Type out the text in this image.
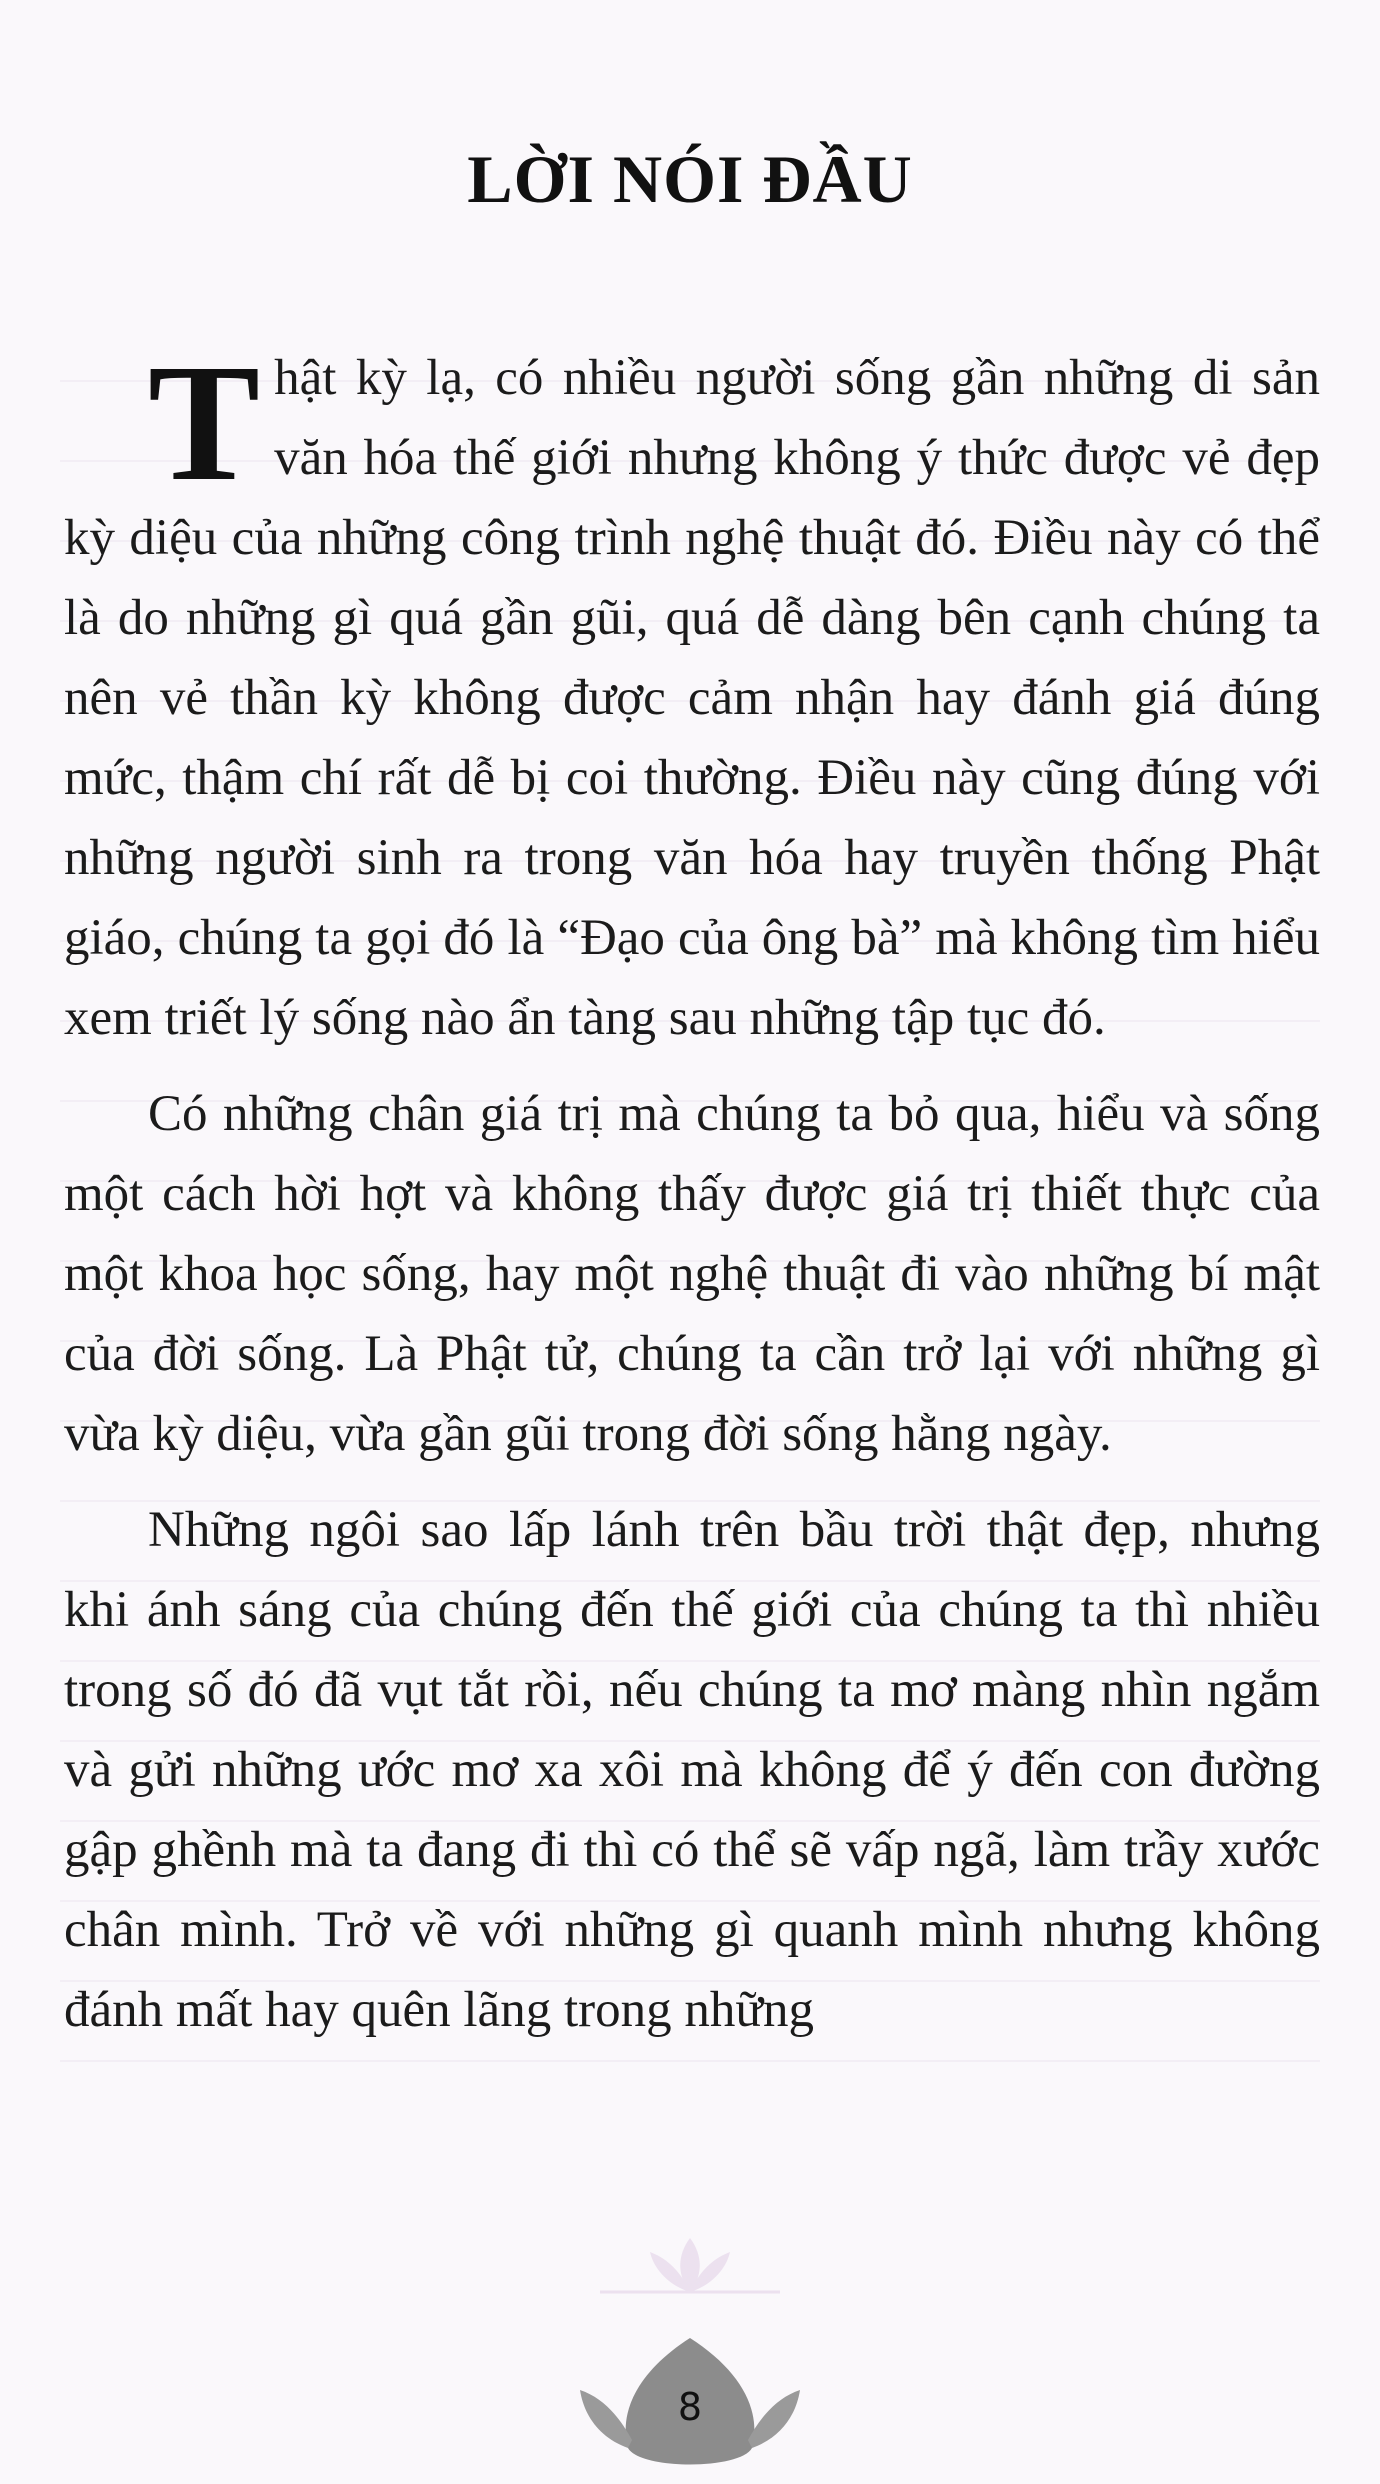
LỜI NÓI ĐẦU

Thật kỳ lạ, có nhiều người sống gần những di sản văn hóa thế giới nhưng không ý thức được vẻ đẹp kỳ diệu của những công trình nghệ thuật đó. Điều này có thể là do những gì quá gần gũi, quá dễ dàng bên cạnh chúng ta nên vẻ thần kỳ không được cảm nhận hay đánh giá đúng mức, thậm chí rất dễ bị coi thường. Điều này cũng đúng với những người sinh ra trong văn hóa hay truyền thống Phật giáo, chúng ta gọi đó là “Đạo của ông bà” mà không tìm hiểu xem triết lý sống nào ẩn tàng sau những tập tục đó.

Có những chân giá trị mà chúng ta bỏ qua, hiểu và sống một cách hời hợt và không thấy được giá trị thiết thực của một khoa học sống, hay một nghệ thuật đi vào những bí mật của đời sống. Là Phật tử, chúng ta cần trở lại với những gì vừa kỳ diệu, vừa gần gũi trong đời sống hằng ngày.

Những ngôi sao lấp lánh trên bầu trời thật đẹp, nhưng khi ánh sáng của chúng đến thế giới của chúng ta thì nhiều trong số đó đã vụt tắt rồi, nếu chúng ta mơ màng nhìn ngắm và gửi những ước mơ xa xôi mà không để ý đến con đường gập ghềnh mà ta đang đi thì có thể sẽ vấp ngã, làm trầy xước chân mình. Trở về với những gì quanh mình nhưng không đánh mất hay quên lãng trong những

8
